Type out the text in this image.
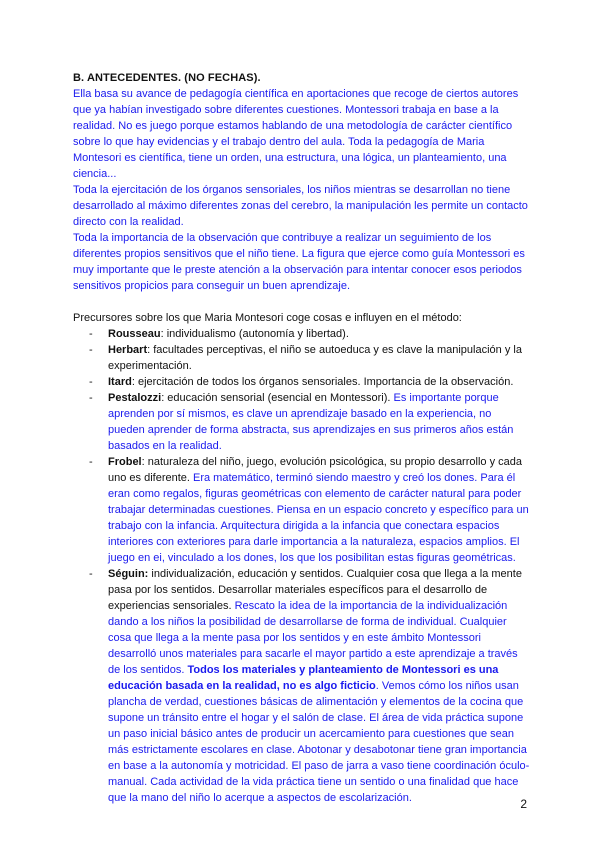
B. ANTECEDENTES. (NO FECHAS).

Ella basa su avance de pedagogía científica en aportaciones que recoge de ciertos autores que ya habían investigado sobre diferentes cuestiones. Montessori trabaja en base a la realidad. No es juego porque estamos hablando de una metodología de carácter científico sobre lo que hay evidencias y el trabajo dentro del aula. Toda la pedagogía de Maria Montesori es científica, tiene un orden, una estructura, una lógica, un planteamiento, una ciencia...

Toda la ejercitación de los órganos sensoriales, los niños mientras se desarrollan no tiene desarrollado al máximo diferentes zonas del cerebro, la manipulación les permite un contacto directo con la realidad.

Toda la importancia de la observación que contribuye a realizar un seguimiento de los diferentes propios sensitivos que el niño tiene. La figura que ejerce como guía Montessori es muy importante que le preste atención a la observación para intentar conocer esos periodos sensitivos propicios para conseguir un buen aprendizaje.

Precursores sobre los que Maria Montesori coge cosas e influyen en el método:
- Rousseau: individualismo (autonomía y libertad).
- Herbart: facultades perceptivas, el niño se autoeduca y es clave la manipulación y la experimentación.
- Itard: ejercitación de todos los órganos sensoriales. Importancia de la observación.
- Pestalozzi: educación sensorial (esencial en Montessori). Es importante porque aprenden por sí mismos, es clave un aprendizaje basado en la experiencia, no pueden aprender de forma abstracta, sus aprendizajes en sus primeros años están basados en la realidad.
- Frobel: naturaleza del niño, juego, evolución psicológica, su propio desarrollo y cada uno es diferente. Era matemático, terminó siendo maestro y creó los dones. Para él eran como regalos, figuras geométricas con elemento de carácter natural para poder trabajar determinadas cuestiones. Piensa en un espacio concreto y específico para un trabajo con la infancia. Arquitectura dirigida a la infancia que conectara espacios interiores con exteriores para darle importancia a la naturaleza, espacios amplios. El juego en ei, vinculado a los dones, los que los posibilitan estas figuras geométricas.
- Séguin: individualización, educación y sentidos. Cualquier cosa que llega a la mente pasa por los sentidos. Desarrollar materiales específicos para el desarrollo de experiencias sensoriales. Rescato la idea de la importancia de la individualización dando a los niños la posibilidad de desarrollarse de forma de individual. Cualquier cosa que llega a la mente pasa por los sentidos y en este ámbito Montessori desarrolló unos materiales para sacarle el mayor partido a este aprendizaje a través de los sentidos. Todos los materiales y planteamiento de Montessori es una educación basada en la realidad, no es algo ficticio. Vemos cómo los niños usan plancha de verdad, cuestiones básicas de alimentación y elementos de la cocina que supone un tránsito entre el hogar y el salón de clase. El área de vida práctica supone un paso inicial básico antes de producir un acercamiento para cuestiones que sean más estrictamente escolares en clase. Abotonar y desabotonar tiene gran importancia en base a la autonomía y motricidad. El paso de jarra a vaso tiene coordinación óculo-manual. Cada actividad de la vida práctica tiene un sentido o una finalidad que hace que la mano del niño lo acerque a aspectos de escolarización.	2
